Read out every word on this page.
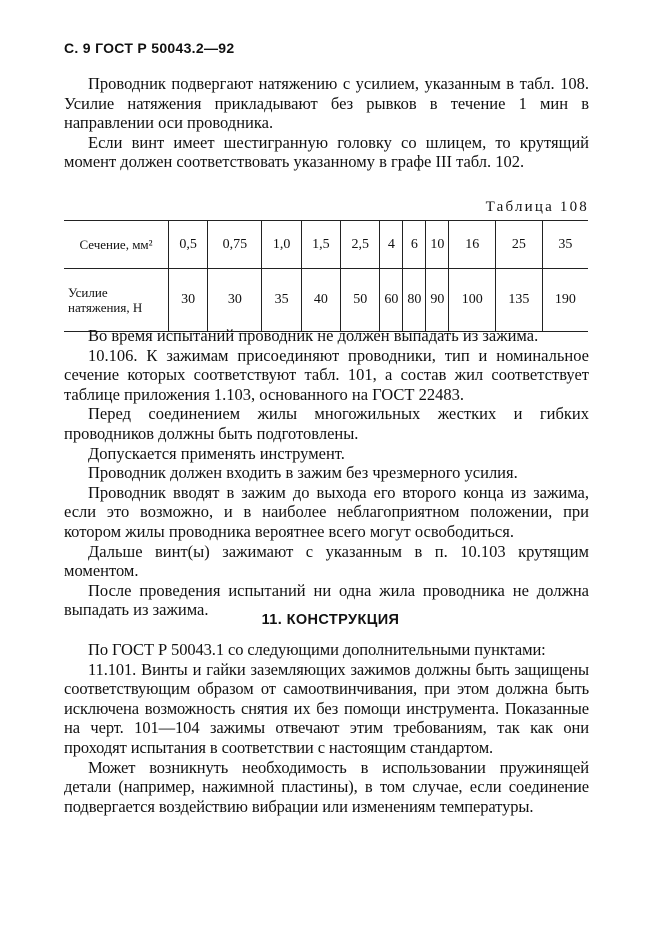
С. 9 ГОСТ Р 50043.2—92

Проводник подвергают натяжению с усилием, указанным в табл. 108. Усилие натяжения прикладывают без рывков в течение 1 мин в направлении оси проводника.

Если винт имеет шестигранную головку со шлицем, то крутящий момент должен соответствовать указанному в графе III табл. 102.

Таблица 108
Сечение, мм²	0,5	0,75	1,0	1,5	2,5	4	6	10	16	25	35
Усилие натяжения, Н	30	30	35	40	50	60	80	90	100	135	190

Во время испытаний проводник не должен выпадать из зажима.

10.106. К зажимам присоединяют проводники, тип и номинальное сечение которых соответствуют табл. 101, а состав жил соответствует таблице приложения 1.103, основанного на ГОСТ 22483.

Перед соединением жилы многожильных жестких и гибких проводников должны быть подготовлены.

Допускается применять инструмент.

Проводник должен входить в зажим без чрезмерного усилия.

Проводник вводят в зажим до выхода его второго конца из зажима, если это возможно, и в наиболее неблагоприятном положении, при котором жилы проводника вероятнее всего могут освободиться.

Дальше винт(ы) зажимают с указанным в п. 10.103 крутящим моментом.

После проведения испытаний ни одна жила проводника не должна выпадать из зажима.

11. КОНСТРУКЦИЯ

По ГОСТ Р 50043.1 со следующими дополнительными пунктами:

11.101. Винты и гайки заземляющих зажимов должны быть защищены соответствующим образом от самоотвинчивания, при этом должна быть исключена возможность снятия их без помощи инструмента. Показанные на черт. 101—104 зажимы отвечают этим требованиям, так как они проходят испытания в соответствии с настоящим стандартом.

Может возникнуть необходимость в использовании пружинящей детали (например, нажимной пластины), в том случае, если соединение подвергается воздействию вибрации или изменениям температуры.
